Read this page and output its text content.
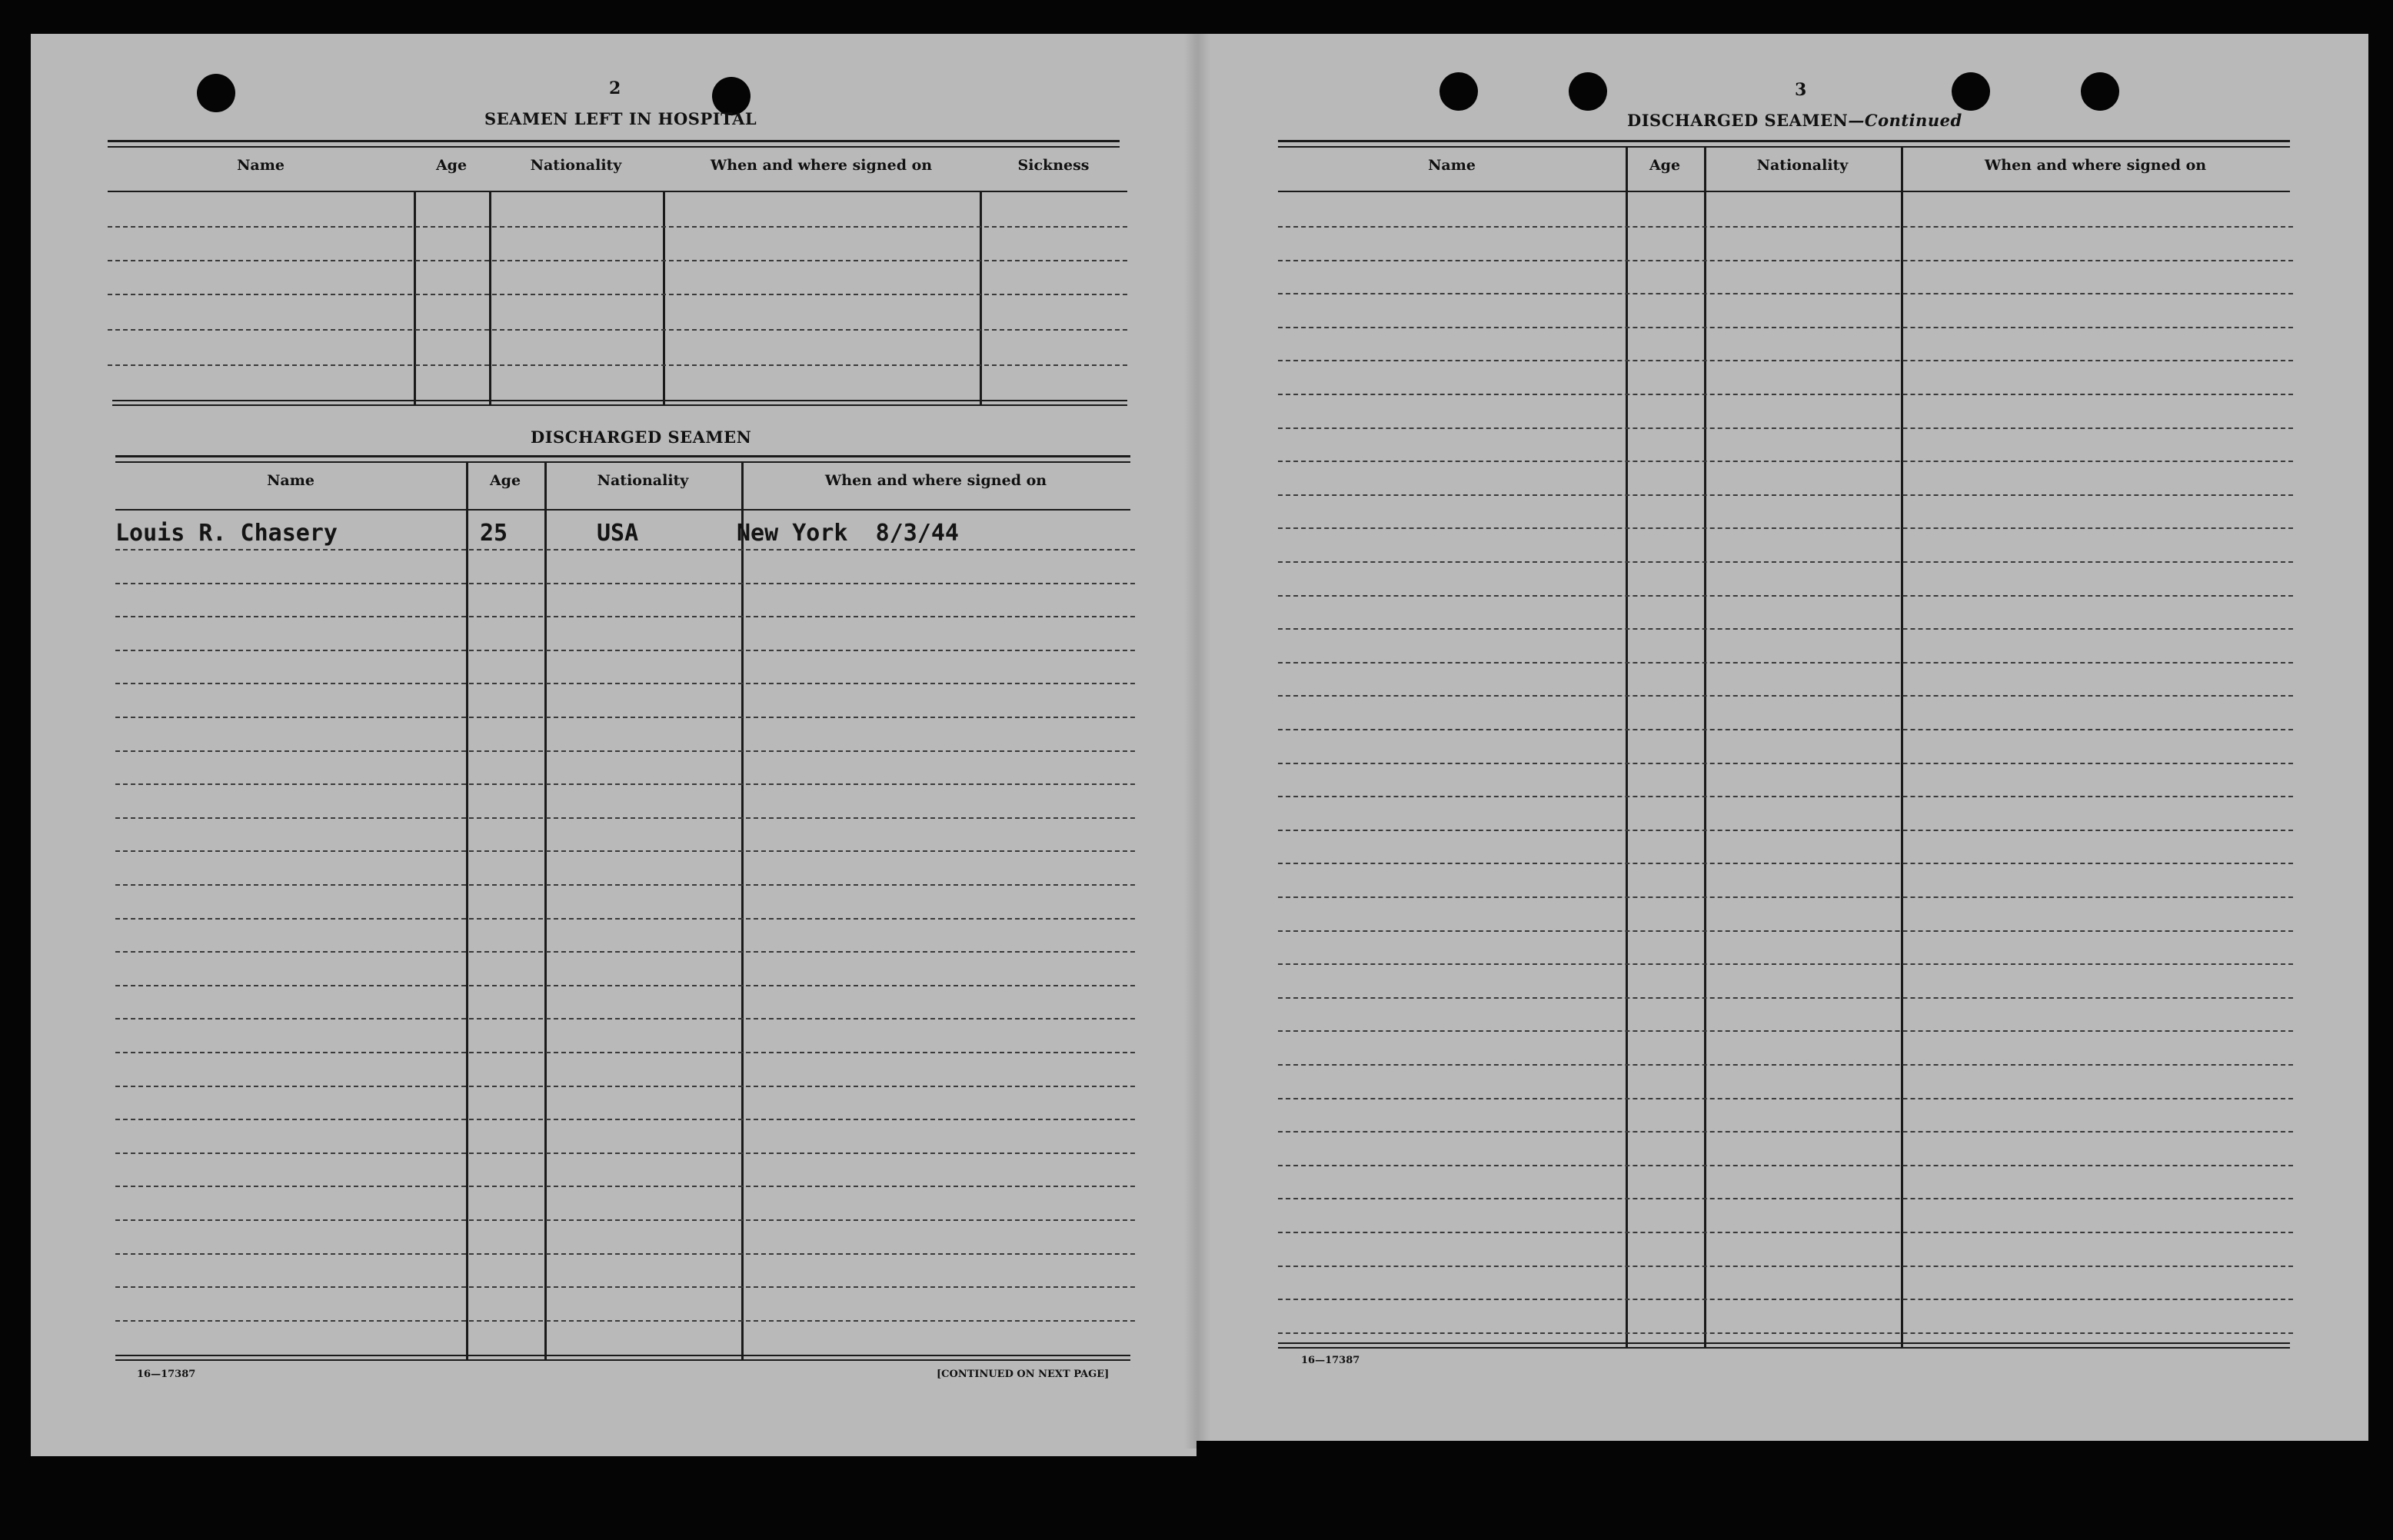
2
SEAMEN LEFT IN HOSPITAL
Name	Age	Nationality	When and where signed on	Sickness
DISCHARGED SEAMEN
Name	Age	Nationality	When and where signed on
Louis R. Chasery	25	USA	New York  8/3/44
16—17387	[CONTINUED ON NEXT PAGE]
3
DISCHARGED SEAMEN—Continued
Name	Age	Nationality	When and where signed on
16—17387
